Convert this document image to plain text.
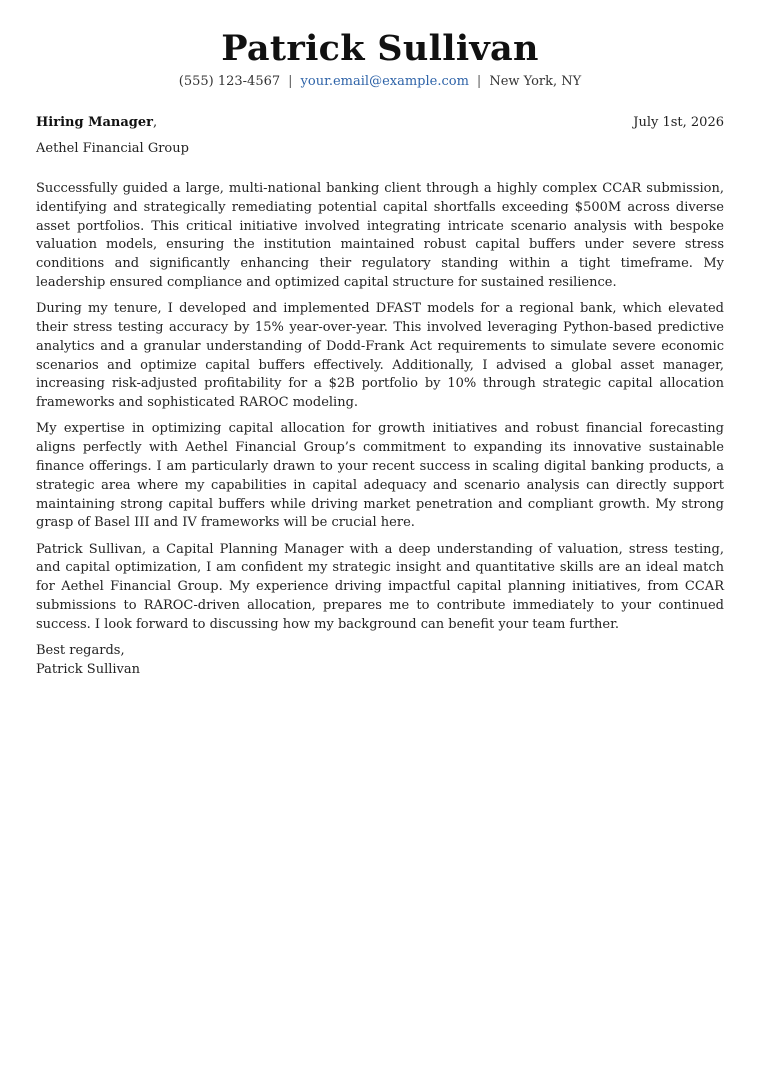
Patrick Sullivan
(555) 123-4567 | your.email@example.com | New York, NY
Hiring Manager,	July 1st, 2026
Aethel Financial Group

Successfully guided a large, multi-national banking client through a highly complex CCAR submission, identifying and strategically remediating potential capital shortfalls exceeding $500M across diverse asset portfolios. This critical initiative involved integrating intricate scenario analysis with bespoke valuation models, ensuring the institution maintained robust capital buffers under severe stress conditions and significantly enhancing their regulatory standing within a tight timeframe. My leadership ensured compliance and optimized capital structure for sustained resilience.

During my tenure, I developed and implemented DFAST models for a regional bank, which elevated their stress testing accuracy by 15% year-over-year. This involved leveraging Python-based predictive analytics and a granular understanding of Dodd-Frank Act requirements to simulate severe economic scenarios and optimize capital buffers effectively. Additionally, I advised a global asset manager, increasing risk-adjusted profitability for a $2B portfolio by 10% through strategic capital allocation frameworks and sophisticated RAROC modeling.

My expertise in optimizing capital allocation for growth initiatives and robust financial forecasting aligns perfectly with Aethel Financial Group’s commitment to expanding its innovative sustainable finance offerings. I am particularly drawn to your recent success in scaling digital banking products, a strategic area where my capabilities in capital adequacy and scenario analysis can directly support maintaining strong capital buffers while driving market penetration and compliant growth. My strong grasp of Basel III and IV frameworks will be crucial here.

Patrick Sullivan, a Capital Planning Manager with a deep understanding of valuation, stress testing, and capital optimization, I am confident my strategic insight and quantitative skills are an ideal match for Aethel Financial Group. My experience driving impactful capital planning initiatives, from CCAR submissions to RAROC-driven allocation, prepares me to contribute immediately to your continued success. I look forward to discussing how my background can benefit your team further.

Best regards,
Patrick Sullivan
